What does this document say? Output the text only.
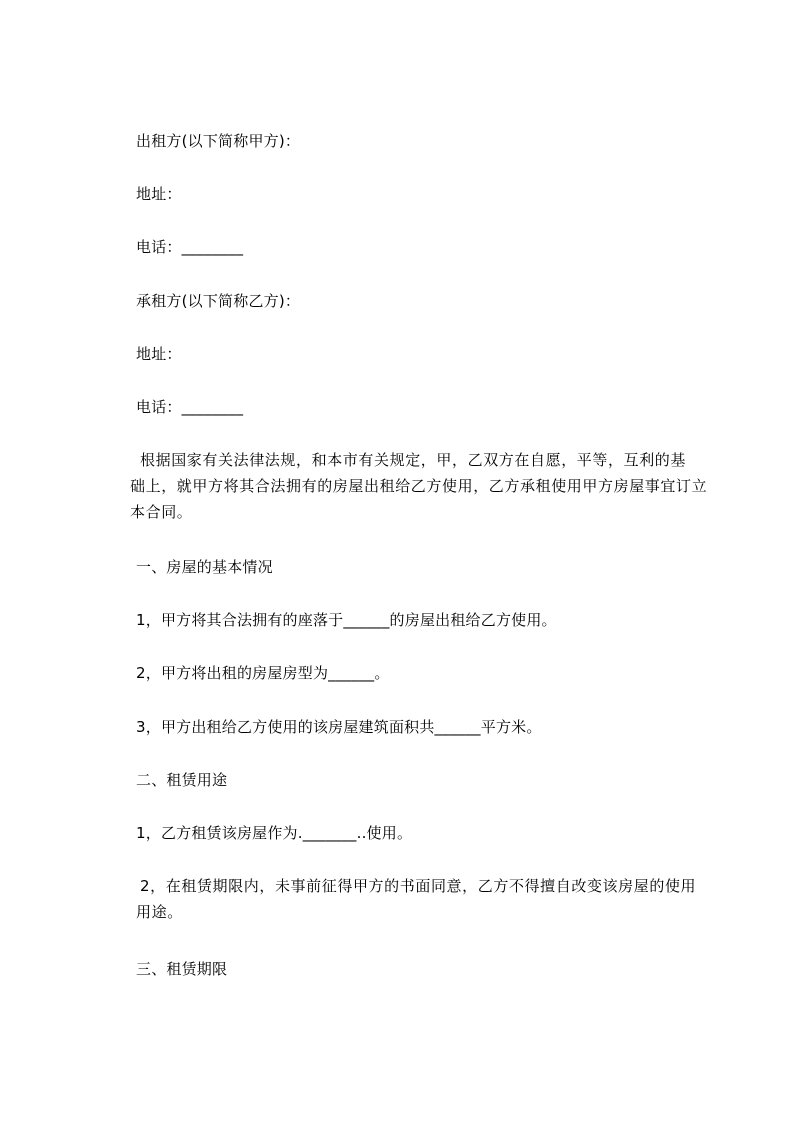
出租方(以下简称甲方)：
地址：
电话：________
承租方(以下简称乙方)：
地址：
电话：________
根据国家有关法律法规，和本市有关规定，甲，乙双方在自愿，平等，互利的基
础上，就甲方将其合法拥有的房屋出租给乙方使用，乙方承租使用甲方房屋事宜订立
本合同。
一、房屋的基本情况
1，甲方将其合法拥有的座落于______的房屋出租给乙方使用。
2，甲方将出租的房屋房型为______。
3，甲方出租给乙方使用的该房屋建筑面积共______平方米。
二、租赁用途
1，乙方租赁该房屋作为._______..使用。
2，在租赁期限内，未事前征得甲方的书面同意，乙方不得擅自改变该房屋的使用
用途。
三、租赁期限
